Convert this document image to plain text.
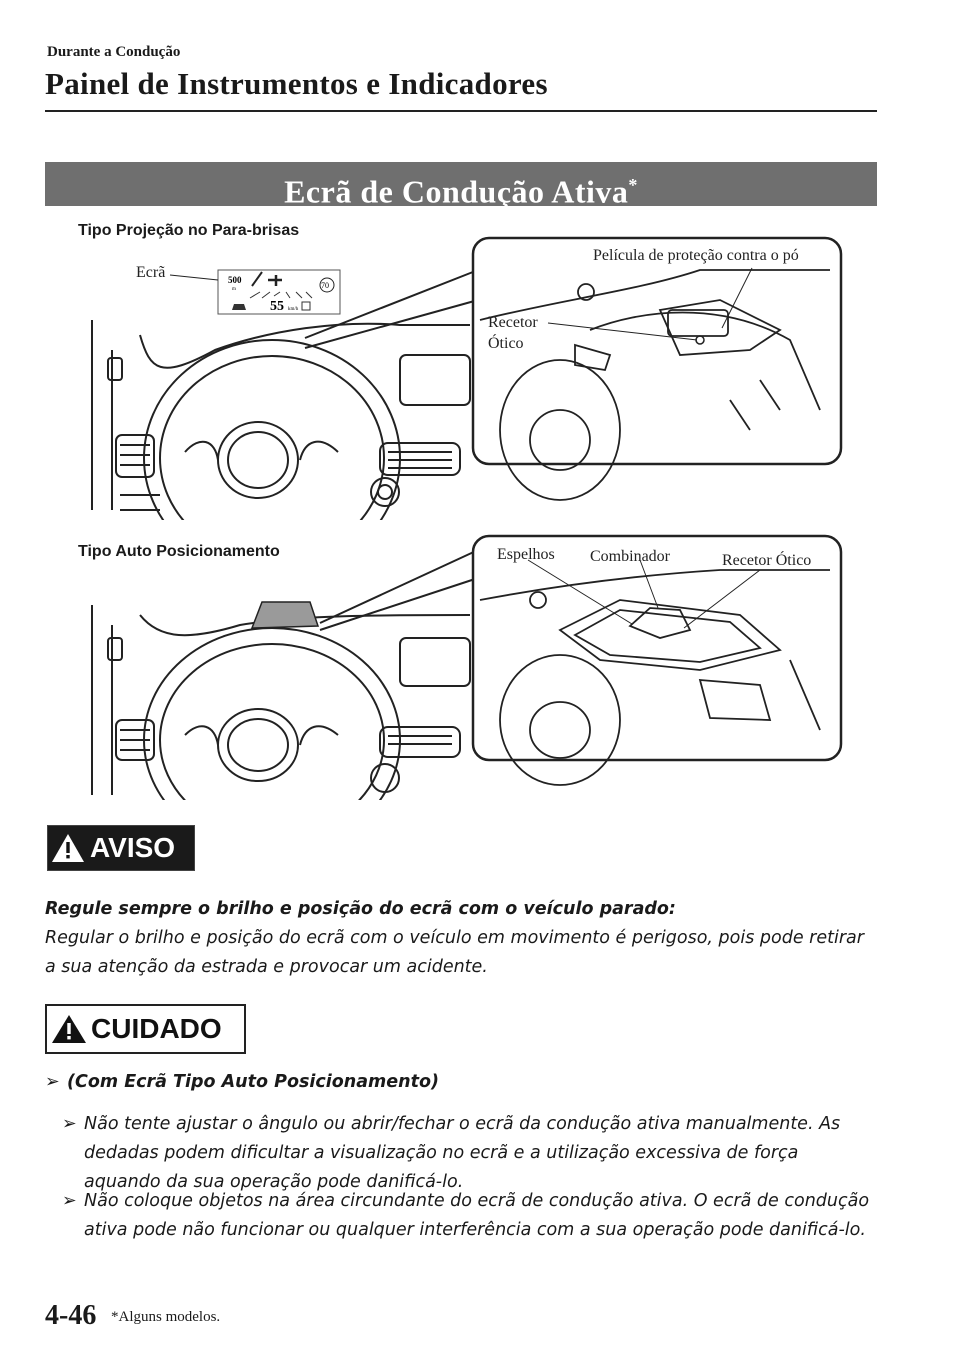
Durante a Condução
Painel de Instrumentos e Indicadores
Ecrã de Condução Ativa*
Tipo Projeção no Para-brisas
500
m	70
55 km/h
Ecrã
Película de proteção contra o pó
Recetor
Ótico
Tipo Auto Posicionamento	Espelhos Combinador	Recetor Ótico
AVISO
Regule sempre o brilho e posição do ecrã com o veículo parado:
Regular o brilho e posição do ecrã com o veículo em movimento é perigoso, pois pode retirar a sua atenção da estrada e provocar um acidente.
CUIDADO
➢ (Com Ecrã Tipo Auto Posicionamento)
➢ Não tente ajustar o ângulo ou abrir/fechar o ecrã da condução ativa manualmente. As dedadas podem dificultar a visualização no ecrã e a utilização excessiva de força aquando da sua operação pode danificá-lo.
➢ Não coloque objetos na área circundante do ecrã de condução ativa. O ecrã de condução ativa pode não funcionar ou qualquer interferência com a sua operação pode danificá-lo.
4-46 *Alguns modelos.
